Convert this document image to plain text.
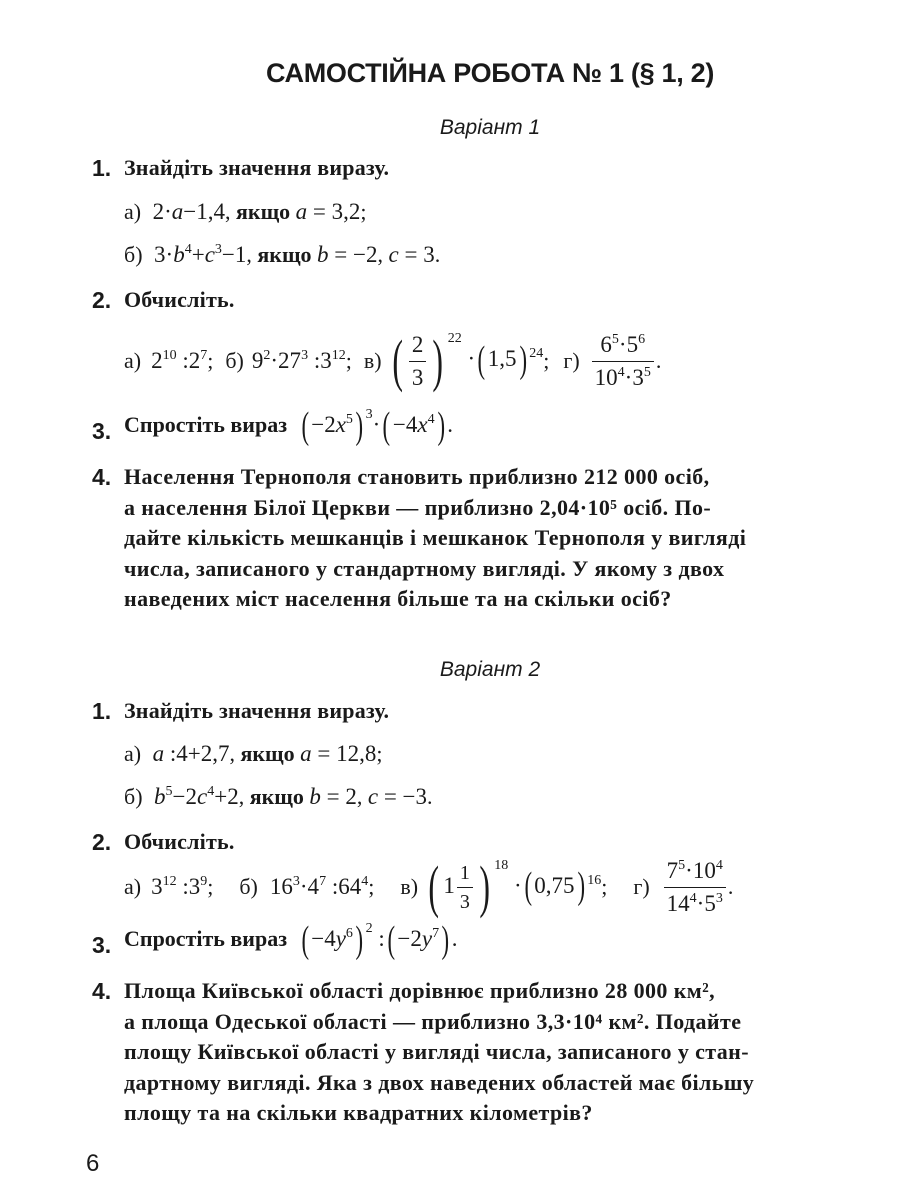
САМОСТІЙНА РОБОТА № 1 (§ 1, 2)
Варіант 1
1. Знайдіть значення виразу.
а) 2·a−1,4, якщо a = 3,2;
б) $3\cdot b^4+c^3-1$, якщо b = −2, c = 3.
2. Обчисліть.
а) $2^{10}$ $:2^7$ ; б) $9^2\cdot 27^3$ $:3^{12}$ ; в) ( $\frac{2}{3}$ ) $^{22}$ ·( 1,5) $^{24}$ ; $г) \frac{6^5\cdot 5^6}{10^4\cdot 3^5}$ .
3. Спростіть вираз ( $-2x^5$) $^3\cdot( -4x^4)$ .
4. Населення Тернополя становить приблизно 212 000 осіб,
а населення Білої Церкви — приблизно 2,04·10⁵ осіб. По-
дайте кількість мешканців і мешканок Тернополя у вигляді
числа, записаного у стандартному вигляді. У якому з двох
наведених міст населення більше та на скільки осіб?
Варіант 2
1. Знайдіть значення виразу.
а) a :4+2,7, якщо a = 12,8;
б) $b^5-2c^4+2$, якщо b = 2, c = −3.
2. Обчисліть.
а) $3^{12}$ $:3^9$ ; б) $16^3\cdot 4^7$ $:64^4$ ; в) ( $1 \frac{1}{3}$ ) $^{18}$ ·( 0,75) $^{16}$ ; $г) \frac{7^5\cdot 10^4}{14^4\cdot 5^3}$ .
3. Спростіть вираз ( $-4y^6$) $^2$ :( $-2y^7$) .
4. Площа Київської області дорівнює приблизно 28 000 км²,
а площа Одеської області — приблизно 3,3·10⁴ км². Подайте
площу Київської області у вигляді числа, записаного у стан-
дартному вигляді. Яка з двох наведених областей має більшу
площу та на скільки квадратних кілометрів?
6
